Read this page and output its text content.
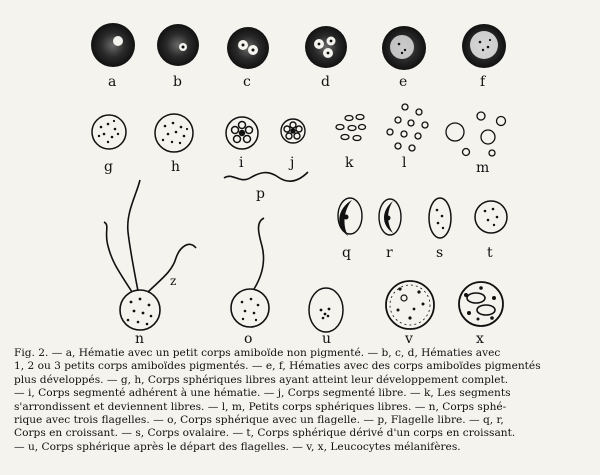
a	b	c	d	e	f
g	h	i	j	k	l	m
p
z
q	r	s	t
n	o	u	v	x

Fig. 2. — a, Hématie avec un petit corps amiboïde non pigmenté. — b, c, d, Hématies avec

1, 2 ou 3 petits corps amiboïdes pigmentés. — e, f, Hématies avec des corps amiboïdes pigmentés

plus développés. — g, h, Corps sphériques libres ayant atteint leur développement complet.

— i, Corps segmenté adhérent à une hématie. — j, Corps segmenté libre. — k, Les segments

s'arrondissent et deviennent libres. — l, m, Petits corps sphériques libres. — n, Corps sphé-

rique avec trois flagelles. — o, Corps sphérique avec un flagelle. — p, Flagelle libre. — q, r,

Corps en croissant. — s, Corps ovalaire. — t, Corps sphérique dérivé d'un corps en croissant.

— u, Corps sphérique après le départ des flagelles. — v, x, Leucocytes mélanifères.
